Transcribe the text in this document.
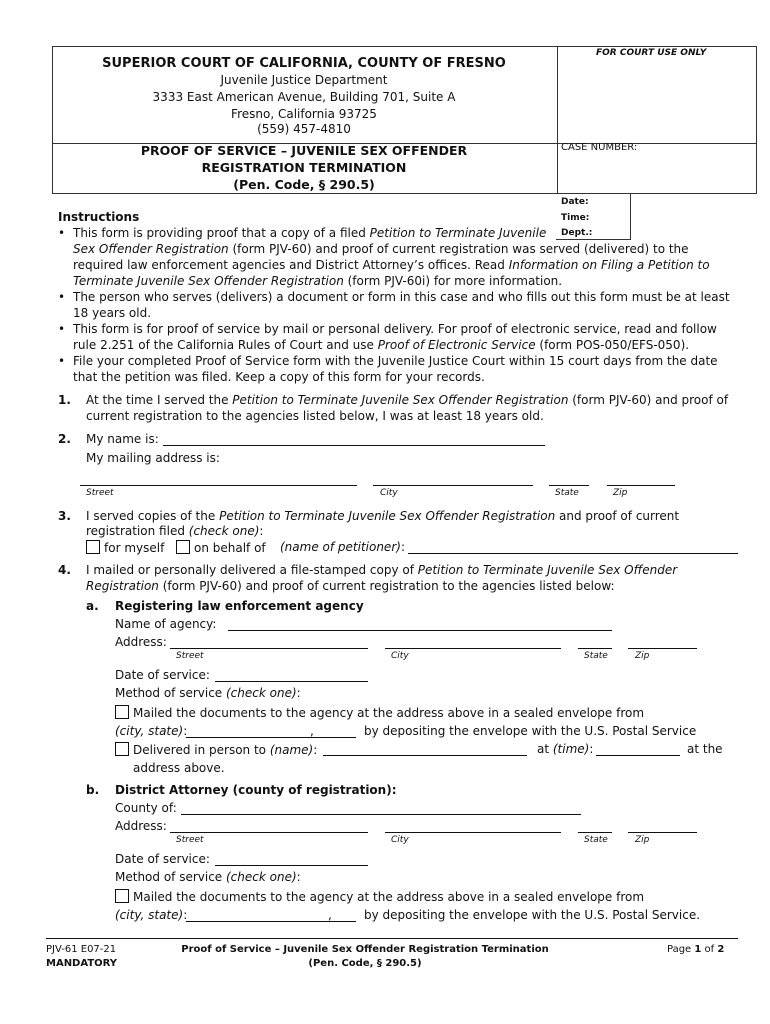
SUPERIOR COURT OF CALIFORNIA, COUNTY OF FRESNO
Juvenile Justice Department
3333 East American Avenue, Building 701, Suite A
Fresno, California 93725
(559) 457-4810
FOR COURT USE ONLY
CASE NUMBER:
Date:
Time:
Dept.:
PROOF OF SERVICE – JUVENILE SEX OFFENDER
REGISTRATION TERMINATION
(Pen. Code, § 290.5)
Instructions
• This form is providing proof that a copy of a filed Petition to Terminate Juvenile
Sex Offender Registration (form PJV-60) and proof of current registration was served (delivered) to the
required law enforcement agencies and District Attorney’s offices. Read Information on Filing a Petition to
Terminate Juvenile Sex Offender Registration (form PJV-60i) for more information.
• The person who serves (delivers) a document or form in this case and who fills out this form must be at least
18 years old.
• This form is for proof of service by mail or personal delivery. For proof of electronic service, read and follow
rule 2.251 of the California Rules of Court and use Proof of Electronic Service (form POS-050/EFS-050).
• File your completed Proof of Service form with the Juvenile Justice Court within 15 court days from the date
that the petition was filed. Keep a copy of this form for your records.
1. At the time I served the Petition to Terminate Juvenile Sex Offender Registration (form PJV-60) and proof of
current registration to the agencies listed below, I was at least 18 years old.
2. My name is:
My mailing address is:
Street	City	State	Zip
3. I served copies of the Petition to Terminate Juvenile Sex Offender Registration and proof of current
registration filed (check one):
for myself	on behalf of (name of petitioner):
4. I mailed or personally delivered a file-stamped copy of Petition to Terminate Juvenile Sex Offender
Registration (form PJV-60) and proof of current registration to the agencies listed below:
a. Registering law enforcement agency
Name of agency:
Address:
Street	City	State	Zip
Date of service:
Method of service (check one):
Mailed the documents to the agency at the address above in a sealed envelope from
(city, state):	,	by depositing the envelope with the U.S. Postal Service
Delivered in person to (name):	at (time):	at the
address above.
b. District Attorney (county of registration):
County of:
Address:
Street	City	State	Zip
Date of service:
Method of service (check one):
Mailed the documents to the agency at the address above in a sealed envelope from
(city, state):	,	by depositing the envelope with the U.S. Postal Service.
PJV-61 E07-21
MANDATORY
Proof of Service – Juvenile Sex Offender Registration Termination
(Pen. Code, § 290.5)
Page 1 of 2
